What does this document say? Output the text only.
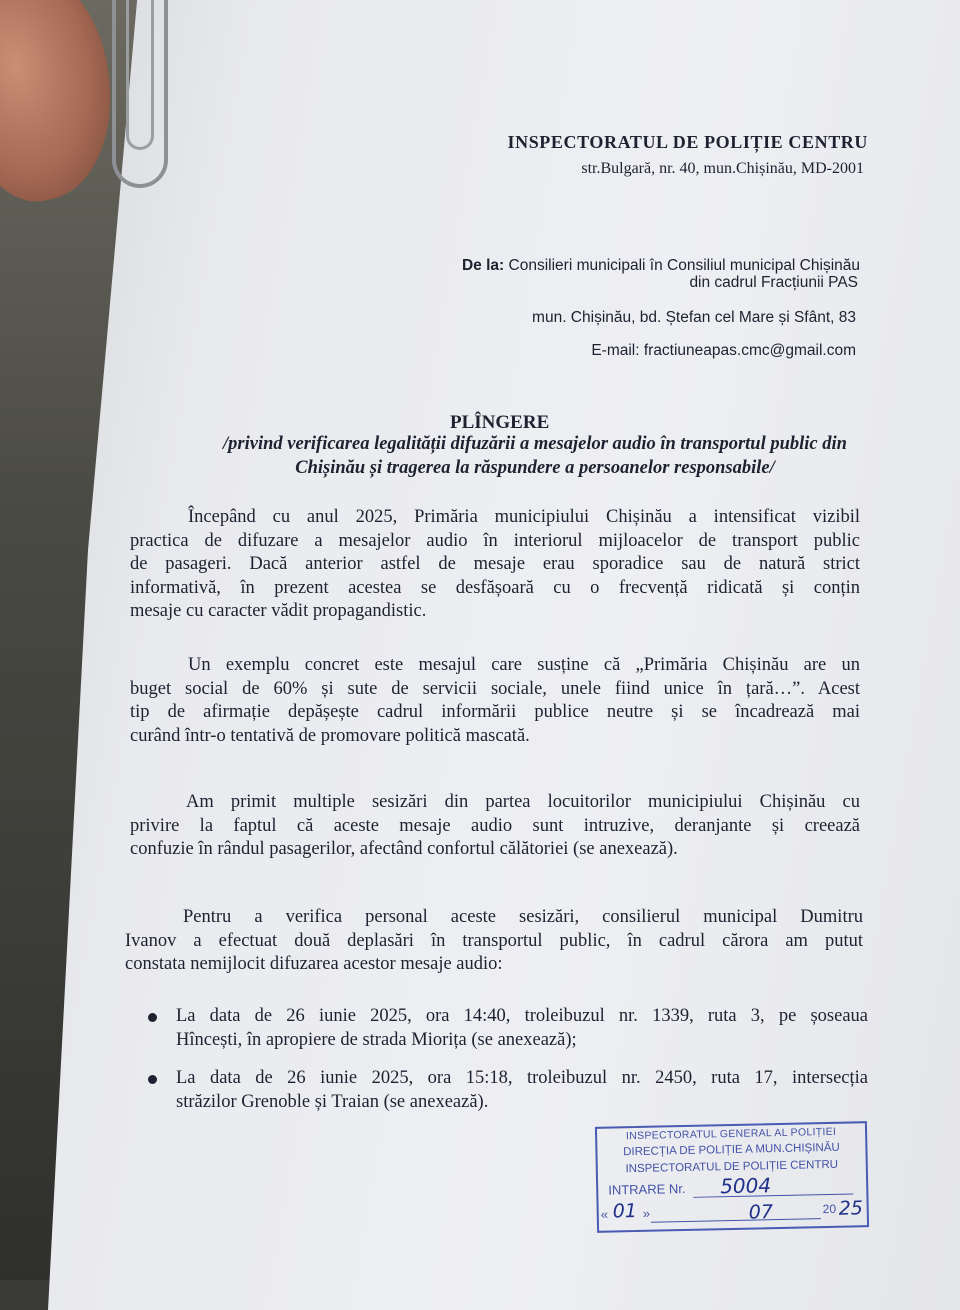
INSPECTORATUL DE POLIȚIE CENTRU
str.Bulgară, nr. 40, mun.Chișinău, MD-2001
De la: Consilieri municipali în Consiliul municipal Chișinău
din cadrul Fracțiunii PAS
mun. Chișinău, bd. Ștefan cel Mare și Sfânt, 83
E-mail: fractiuneapas.cmc@gmail.com
PLÎNGERE
/privind verificarea legalității difuzării a mesajelor audio în transportul public din
Chișinău și tragerea la răspundere a persoanelor responsabile/
Începând cu anul 2025, Primăria municipiului Chișinău a intensificat vizibil
practica de difuzare a mesajelor audio în interiorul mijloacelor de transport public
de pasageri. Dacă anterior astfel de mesaje erau sporadice sau de natură strict
informativă, în prezent acestea se desfășoară cu o frecvență ridicată și conțin
mesaje cu caracter vădit propagandistic.
Un exemplu concret este mesajul care susține că „Primăria Chișinău are un
buget social de 60% și sute de servicii sociale, unele fiind unice în țară…”. Acest
tip de afirmație depășește cadrul informării publice neutre și se încadrează mai
curând într-o tentativă de promovare politică mascată.
Am primit multiple sesizări din partea locuitorilor municipiului Chișinău cu
privire la faptul că aceste mesaje audio sunt intruzive, deranjante și creează
confuzie în rândul pasagerilor, afectând confortul călătoriei (se anexează).
Pentru a verifica personal aceste sesizări, consilierul municipal Dumitru
Ivanov a efectuat două deplasări în transportul public, în cadrul cărora am putut
constata nemijlocit difuzarea acestor mesaje audio:
La data de 26 iunie 2025, ora 14:40, troleibuzul nr. 1339, ruta 3, pe șoseaua
Hîncești, în apropiere de strada Miorița (se anexează);
La data de 26 iunie 2025, ora 15:18, troleibuzul nr. 2450, ruta 17, intersecția
străzilor Grenoble și Traian (se anexează).
INSPECTORATUL GENERAL AL POLIȚIEI
DIRECȚIA DE POLIȚIE A MUN.CHIȘINĂU
INSPECTORATUL DE POLIȚIE CENTRU
INTRARE Nr.
«
5004
01 »	07	20 25
